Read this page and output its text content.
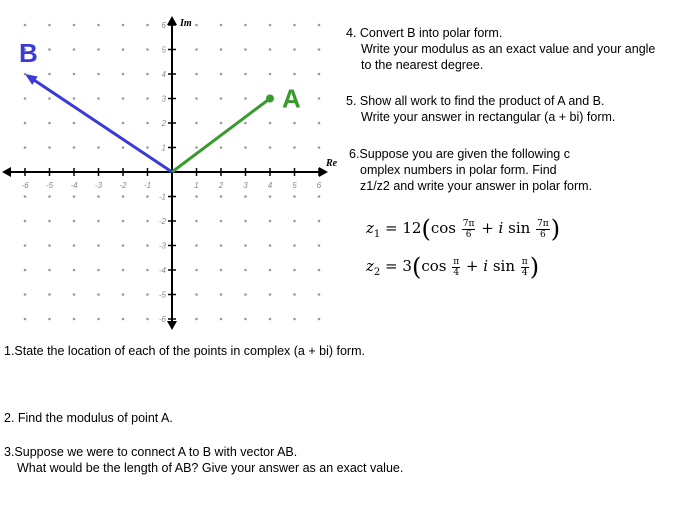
-6 -5 -4 -3 -2 -1	1	2	3	4	5	6
6
5
4
3
2
1
-1
-2
-3
-4
-5
-6
Re
Im
A
B
4. Convert B into polar form.
Write your modulus as an exact value and your angle
to the nearest degree.
5. Show all work to find the product of A and B.
Write your answer in rectangular (a + bi) form.
6.Suppose you are given the following c
omplex numbers in polar form. Find
z1/z2 and write your answer in polar form.
$z_1 = 12(\cos \frac{7\pi}{6} + i$ $\sin \frac{7\pi}{6}$ )
$z_2 = 3(\cos \frac{\pi}{4} + i$ $\sin \frac{\pi}{4}$ )
1.State the location of each of the points in complex (a + bi) form.
2. Find the modulus of point A.
3.Suppose we were to connect A to B with vector AB.
What would be the length of AB? Give your answer as an exact value.
